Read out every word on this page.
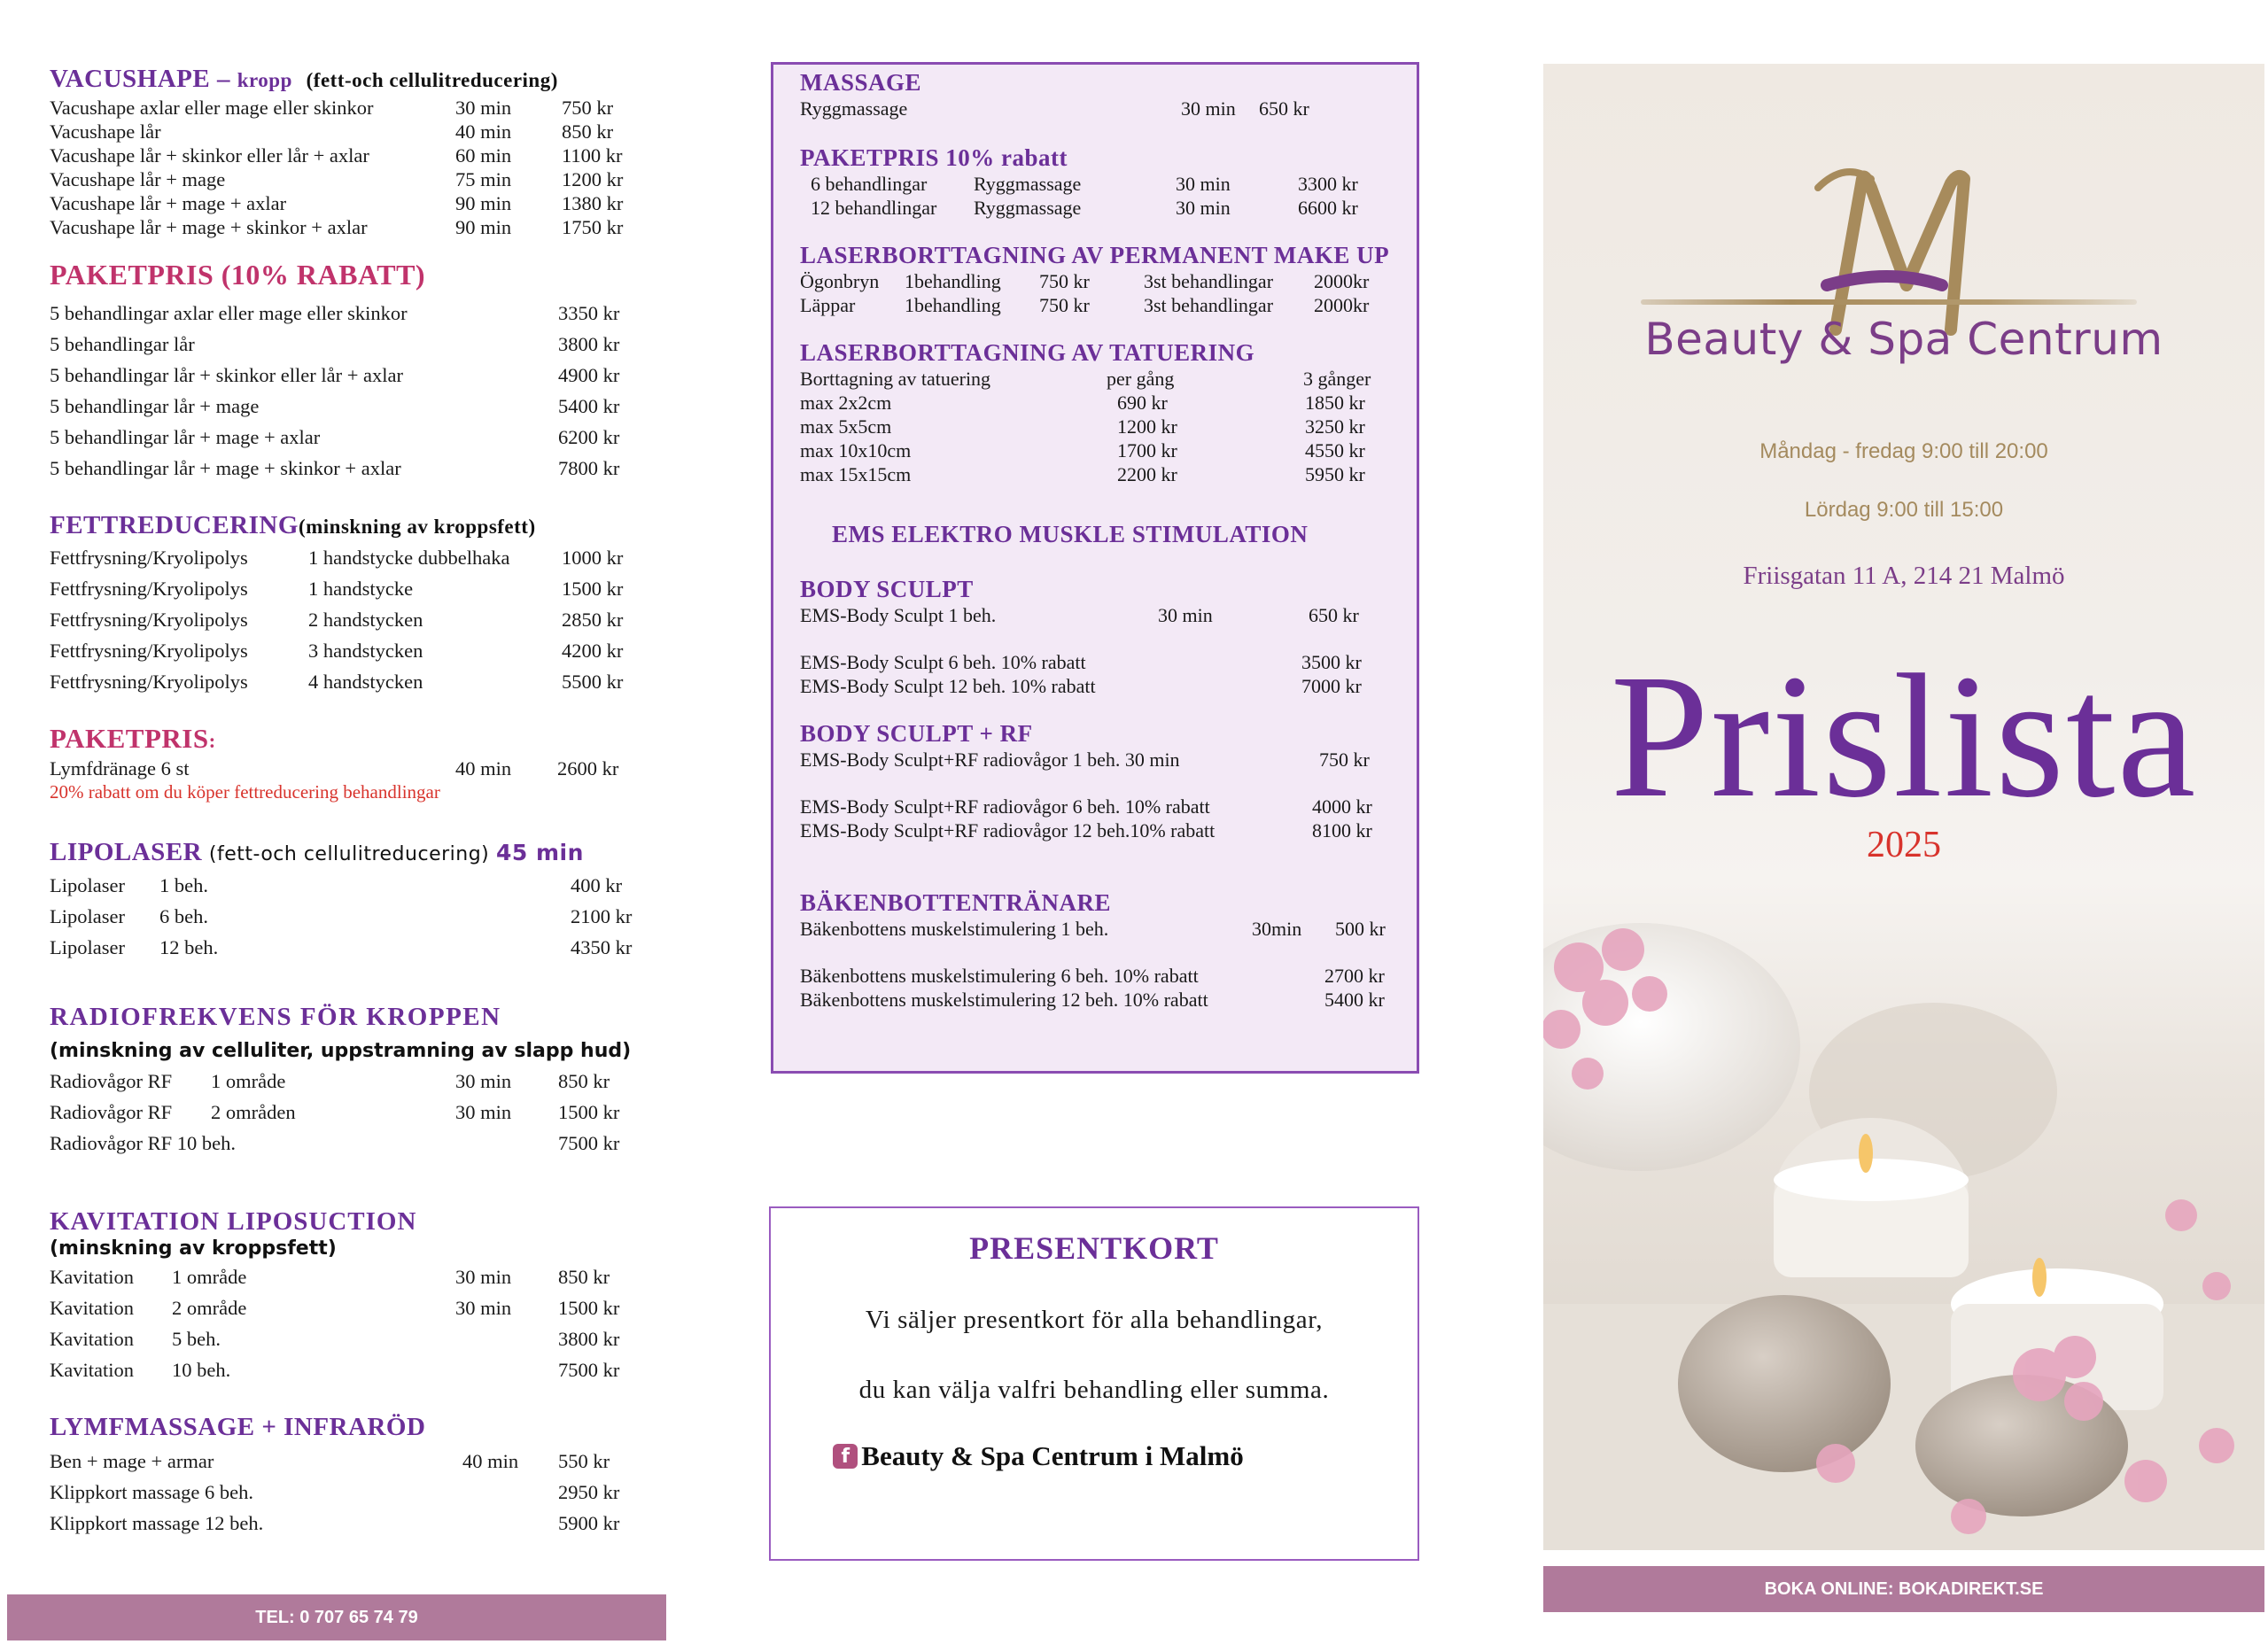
VACUSHAPE – kropp (fett-och cellulitreducering)
Vacushape axlar eller mage eller skinkor	30 min	750 kr
Vacushape lår	40 min	850 kr
Vacushape lår + skinkor eller lår + axlar	60 min	1100 kr
Vacushape lår + mage	75 min	1200 kr
Vacushape lår + mage + axlar	90 min	1380 kr
Vacushape lår + mage + skinkor + axlar	90 min	1750 kr
PAKETPRIS (10% RABATT)
5 behandlingar axlar eller mage eller skinkor	3350 kr
5 behandlingar lår	3800 kr
5 behandlingar lår + skinkor eller lår + axlar	4900 kr
5 behandlingar lår + mage	5400 kr
5 behandlingar lår + mage + axlar	6200 kr
5 behandlingar lår + mage + skinkor + axlar	7800 kr
FETTREDUCERING(minskning av kroppsfett)
Fettfrysning/Kryolipolys	1 handstycke dubbelhaka	1000 kr
Fettfrysning/Kryolipolys	1 handstycke	1500 kr
Fettfrysning/Kryolipolys	2 handstycken	2850 kr
Fettfrysning/Kryolipolys	3 handstycken	4200 kr
Fettfrysning/Kryolipolys	4 handstycken	5500 kr
PAKETPRIS:
Lymfdränage 6 st	40 min 2600 kr
20% rabatt om du köper fettreducering behandlingar
LIPOLASER (fett-och cellulitreducering) 45 min
Lipolaser 1 beh.	400 kr
Lipolaser 6 beh.	2100 kr
Lipolaser 12 beh.	4350 kr
RADIOFREKVENS FÖR KROPPEN
(minskning av celluliter, uppstramning av slapp hud)
Radiovågor RF 1 område	30 min 850 kr
Radiovågor RF 2 områden	30 min 1500 kr
Radiovågor RF 10 beh.	7500 kr
KAVITATION LIPOSUCTION
(minskning av kroppsfett)
Kavitation 1 område	30 min 850 kr
Kavitation 2 område	30 min 1500 kr
Kavitation 5 beh.	3800 kr
Kavitation 10 beh.	7500 kr
LYMFMASSAGE + INFRARÖD
Ben + mage + armar	40 min 550 kr
Klippkort massage 6 beh.	2950 kr
Klippkort massage 12 beh.	5900 kr
TEL: 0 707 65 74 79
MASSAGE
Ryggmassage	30 min 650 kr
PAKETPRIS 10% rabatt
6 behandlingar Ryggmassage	30 min	3300 kr
12 behandlingar Ryggmassage	30 min	6600 kr
LASERBORTTAGNING AV PERMANENT MAKE UP
Ögonbryn 1behandling 750 kr	3st behandlingar 2000kr
Läppar	1behandling 750 kr	3st behandlingar 2000kr
LASERBORTTAGNING AV TATUERING
Borttagning av tatuering	per gång	3 gånger
max 2x2cm	690 kr	1850 kr
max 5x5cm	1200 kr	3250 kr
max 10x10cm	1700 kr	4550 kr
max 15x15cm	2200 kr	5950 kr
EMS ELEKTRO MUSKLE STIMULATION
BODY SCULPT
EMS-Body Sculpt 1 beh.	30 min	650 kr
EMS-Body Sculpt 6 beh. 10% rabatt	3500 kr
EMS-Body Sculpt 12 beh. 10% rabatt	7000 kr
BODY SCULPT + RF
EMS-Body Sculpt+RF radiovågor 1 beh. 30 min	750 kr
EMS-Body Sculpt+RF radiovågor 6 beh. 10% rabatt	4000 kr
EMS-Body Sculpt+RF radiovågor 12 beh.10% rabatt	8100 kr
BÄKENBOTTENTRÄNARE
Bäkenbottens muskelstimulering 1 beh.	30min 500 kr
Bäkenbottens muskelstimulering 6 beh. 10% rabatt	2700 kr
Bäkenbottens muskelstimulering 12 beh. 10% rabatt	5400 kr
PRESENTKORT
Vi säljer presentkort för alla behandlingar,
du kan välja valfri behandling eller summa.
f Beauty & Spa Centrum i Malmö
Beauty & Spa Centrum
Måndag - fredag 9:00 till 20:00
Lördag 9:00 till 15:00
Friisgatan 11 A, 214 21 Malmö
Prislista
2025
BOKA ONLINE: BOKADIREKT.SE
